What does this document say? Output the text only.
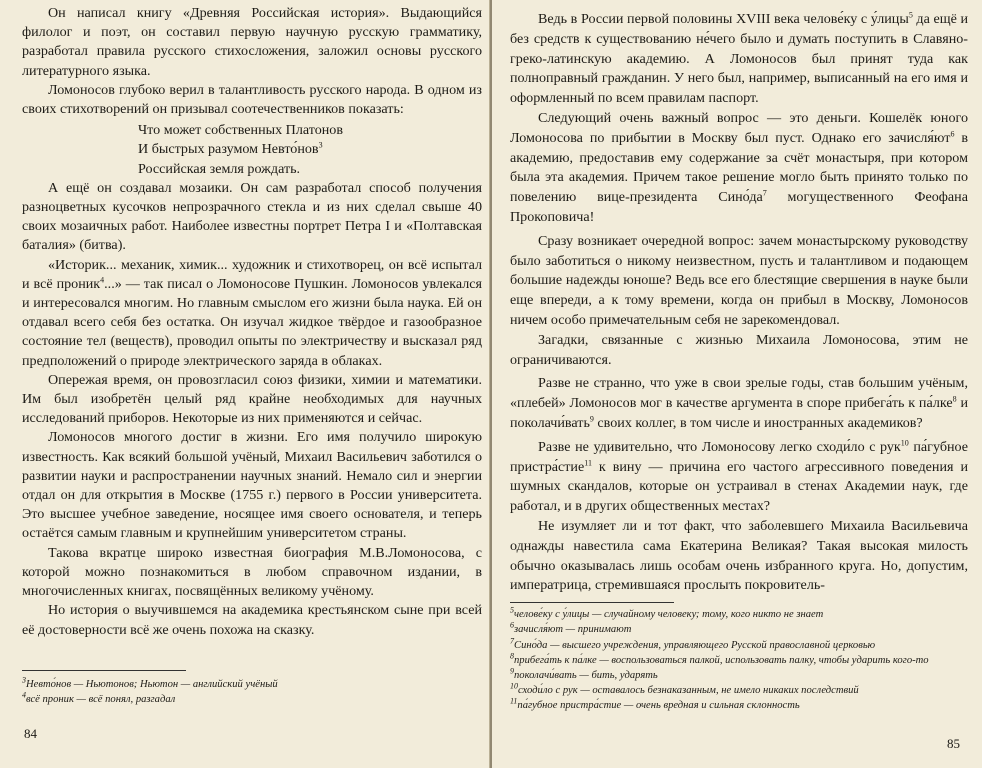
Он написал книгу «Древняя Российская история». Выдающийся филолог и поэт, он составил первую научную русскую грамматику, разработал правила русского стихосложения, заложил основы русского литературного языка.

Ломоносов глубоко верил в талантливость русского народа. В одном из своих стихотворений он призывал соотечественников показать:

Что может собственных Платонов
И быстрых разумом Невто́нов$^3$
Российская земля рождать.

А ещё он создавал мозаики. Он сам разработал способ получения разноцветных кусочков непрозрачного стекла и из них сделал свыше 40 своих мозаичных работ. Наиболее известны портрет Петра I и «Полтавская баталия» (битва).

«Историк... механик, химик... художник и стихотворец, он всё испытал и всё проник$^4$...» — так писал о Ломоносове Пушкин. Ломоносов увлекался и интересовался многим. Но главным смыслом его жизни была наука. Ей он отдавал всего себя без остатка. Он изучал жидкое твёрдое и газообразное состояние тел (веществ), проводил опыты по электричеству и высказал ряд предположений о природе электрического заряда в облаках.

Опережая время, он провозгласил союз физики, химии и математики. Им был изобретён целый ряд крайне необходимых для научных исследований приборов. Некоторые из них применяются и сейчас.

Ломоносов многого достиг в жизни. Его имя получило широкую известность. Как всякий большой учёный, Михаил Васильевич заботился о развитии науки и распространении научных знаний. Немало сил и энергии отдал он для открытия в Москве (1755 г.) первого в России университета. Это высшее учебное заведение, носящее имя своего основателя, и теперь остаётся самым главным и крупнейшим университетом страны.

Такова вкратце широко известная биография М.В.Ломоносова, с которой можно познакомиться в любом справочном издании, в многочисленных книгах, посвящённых великому учёному.

Но история о выучившемся на академика крестьянском сыне при всей её достоверности всё же очень похожа на сказку.

$^3$Невто́нов — Ньютонов; Ньютон — английский учёный
$^4$всё проник — всё понял, разгадал
84

Ведь в России первой половины XVIII века челове́ку с у́лицы$^5$ да ещё и без средств к существованию не́чего было и думать поступить в Славяно-греко-латинскую академию. А Ломоносов был принят туда как полноправный гражданин. У него был, например, выписанный на его имя и оформленный по всем правилам паспорт.

Следующий очень важный вопрос — это деньги. Кошелёк юного Ломоносова по прибытии в Москву был пуст. Однако его $зачисля́ют^6$ в академию, предоставив ему содержание за счёт монастыря, при котором была эта академия. Причем такое решение могло быть принято только по повелению вице-президента $Сино́да^7$ могущественного Феофана Прокоповича!

Сразу возникает очередной вопрос: зачем монастырскому руководству было заботиться о никому неизвестном, пусть и талантливом и подающем большие надежды юноше? Ведь все его блестящие свершения в науке были еще впереди, а к тому времени, когда он прибыл в Москву, Ломоносов ничем особо примечательным себя не зарекомендовал.

Загадки, связанные с жизнью Михаила Ломоносова, этим не ограничиваются.

Разве не странно, что уже в свои зрелые годы, став большим учёным, «плебей» Ломоносов мог в качестве аргумента в споре прибега́ть к па́лке$^8$ и поколачи́вать$^9$ своих коллег, в том числе и иностранных академиков?

Разве не удивительно, что Ломоносову легко сходи́ло с рук$^{10}$ па́губное пристра́стие$^{11}$ к вину — причина его частого агрессивного поведения и шумных скандалов, которые он устраивал в стенах Академии наук, где работал, и в других общественных местах?

Не изумляет ли и тот факт, что заболевшего Михаила Васильевича однажды навестила сама Екатерина Великая? Такая высокая милость обычно оказывалась лишь особам очень избранного круга. Но, допустим, императрица, стремившаяся прослыть покровитель-

$^5$челове́ку с у́лицы — случайному человеку; тому, кого никто не знает
$^6$зачисля́ют — принимают
$^7$Сино́да — высшего учреждения, управляющего Русской православной церковью
$^8$прибега́ть к па́лке — воспользоваться палкой, использовать палку, чтобы ударить кого-то
$^9$поколачи́вать — бить, ударять
$^{10}$сходи́ло с рук — оставалось безнаказанным, не имело никаких последствий
$^{11}$па́губное пристра́стие — очень вредная и сильная склонность
85
